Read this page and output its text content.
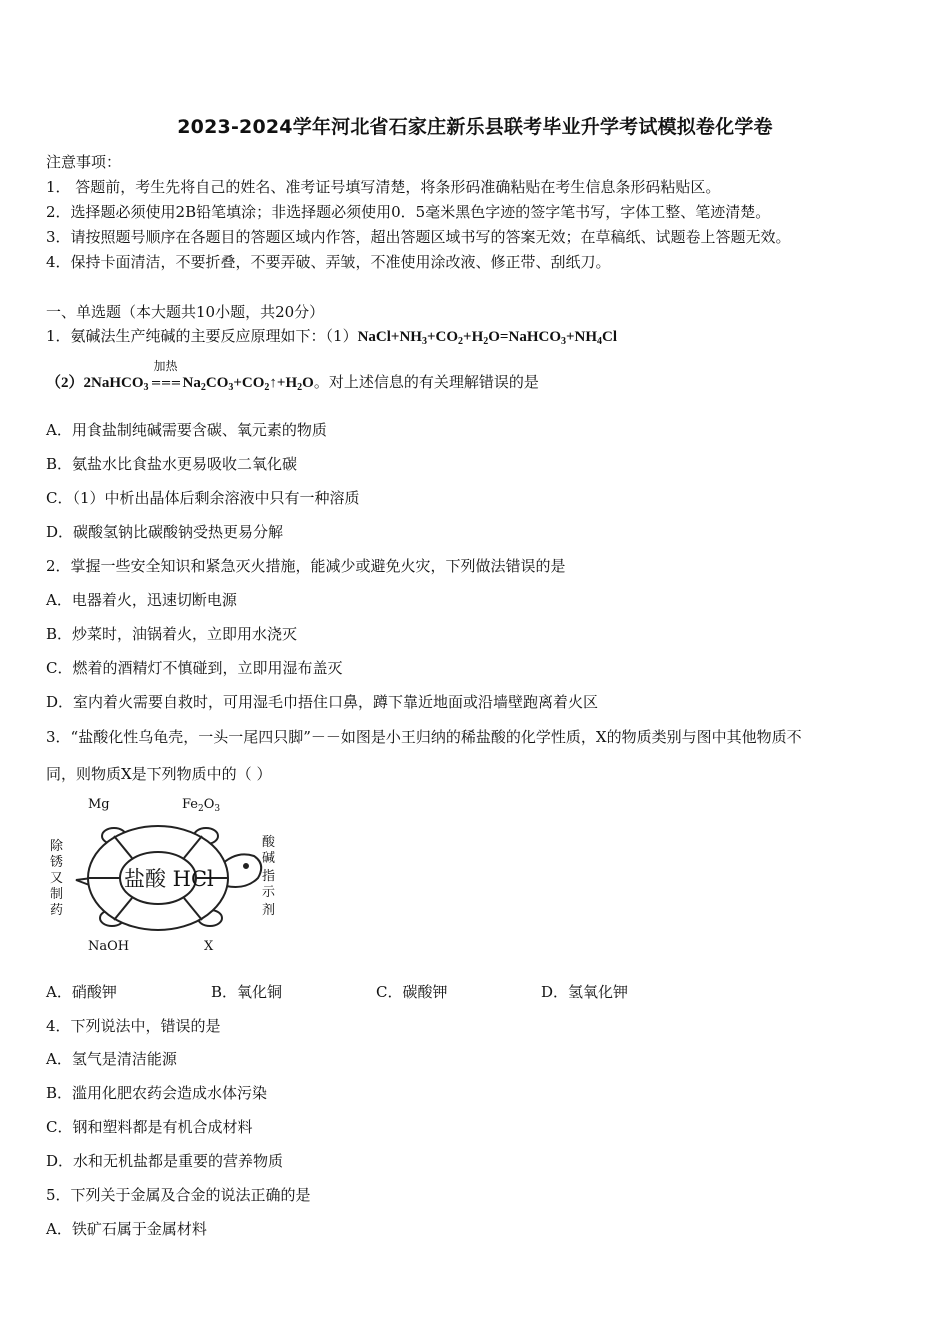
2023-2024学年河北省石家庄新乐县联考毕业升学考试模拟卷化学卷
注意事项：
1． 答题前，考生先将自己的姓名、准考证号填写清楚，将条形码准确粘贴在考生信息条形码粘贴区。
2．选择题必须使用2B铅笔填涂；非选择题必须使用0．5毫米黑色字迹的签字笔书写，字体工整、笔迹清楚。
3．请按照题号顺序在各题目的答题区域内作答，超出答题区域书写的答案无效；在草稿纸、试题卷上答题无效。
4．保持卡面清洁，不要折叠，不要弄破、弄皱，不准使用涂改液、修正带、刮纸刀。
一、单选题（本大题共10小题，共20分）
1．氨碱法生产纯碱的主要反应原理如下：$(1)NaCl+NH_3+CO_2+H_2O=NaHCO_3+NH_4Cl$
（2）2NaHCO$_3$
加热
=== $Na_2CO_3+CO_2↑+H_2O$。对上述信息的有关理解错误的是
A．用食盐制纯碱需要含碳、氧元素的物质
B．氨盐水比食盐水更易吸收二氧化碳
C．（1）中析出晶体后剩余溶液中只有一种溶质
D．碳酸氢钠比碳酸钠受热更易分解
2．掌握一些安全知识和紧急灭火措施，能减少或避免火灾，下列做法错误的是
A．电器着火，迅速切断电源
B．炒菜时，油锅着火，立即用水浇灭
C．燃着的酒精灯不慎碰到，立即用湿布盖灭
D．室内着火需要自救时，可用湿毛巾捂住口鼻，蹲下靠近地面或沿墙壁跑离着火区
3．“盐酸化性乌龟壳，一头一尾四只脚”－－如图是小王归纳的稀盐酸的化学性质，X的物质类别与图中其他物质不
同，则物质X是下列物质中的（ ）
Mg	$Fe_2O_3$
盐酸 HCl
NaOH	X
除
锈
又
制
药
酸
碱
指
示
剂
A．硝酸钾	B．氧化铜	C．碳酸钾	D．氢氧化钾
4．下列说法中，错误的是
A．氢气是清洁能源
B．滥用化肥农药会造成水体污染
C．钢和塑料都是有机合成材料
D．水和无机盐都是重要的营养物质
5．下列关于金属及合金的说法正确的是
A．铁矿石属于金属材料
